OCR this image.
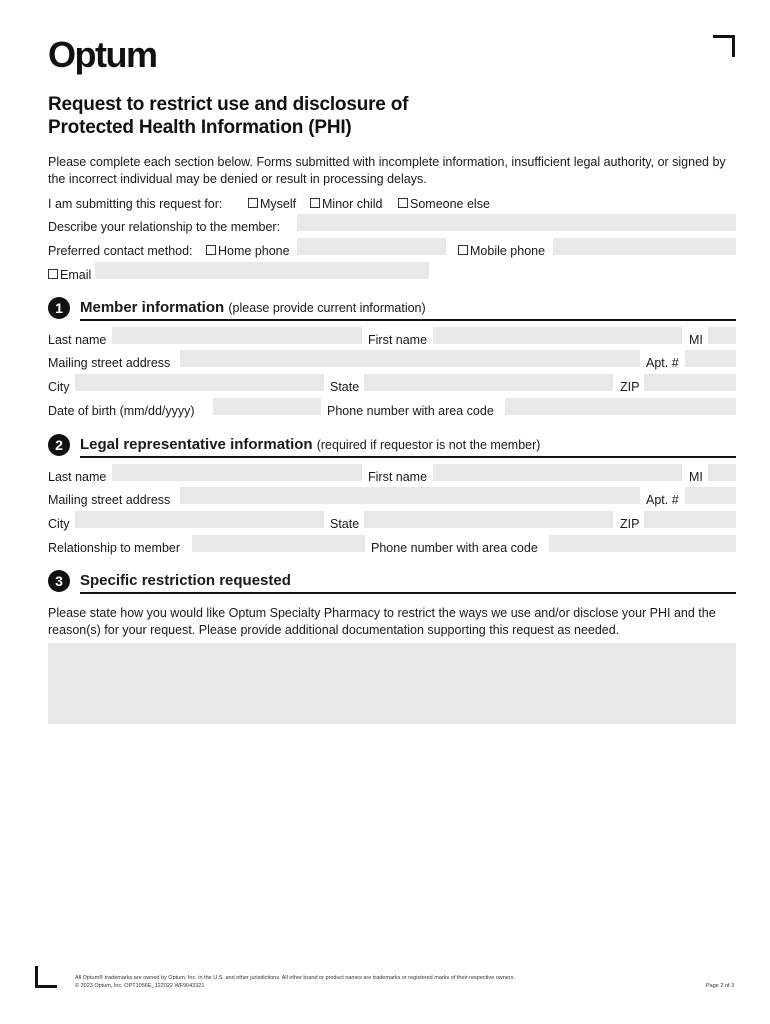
Optum
Request to restrict use and disclosure of
Protected Health Information (PHI)
Please complete each section below. Forms submitted with incomplete information, insufficient legal authority, or signed by the incorrect individual may be denied or result in processing delays.
I am submitting this request for:	Myself	Minor child	Someone else
Describe your relationship to the member:
Preferred contact method:	Home phone	Mobile phone
Email
1	Member information (please provide current information)
Last name	First name	MI
Mailing street address	Apt. #
City	State	ZIP
Date of birth (mm/dd/yyyy)	Phone number with area code
2	Legal representative information (required if requestor is not the member)
Last name	First name	MI
Mailing street address	Apt. #
City	State	ZIP
Relationship to member	Phone number with area code
3	Specific restriction requested
Please state how you would like Optum Specialty Pharmacy to restrict the ways we use and/or disclose your PHI and the reason(s) for your request. Please provide additional documentation supporting this request as needed.
All Optum® trademarks are owned by Optum, Inc. in the U.S. and other jurisdictions. All other brand or product names are trademarks or registered marks of their respective owners.
© 2023 Optum, Inc. OPT1056E_122022 WF9043321	Page 2 of 3
